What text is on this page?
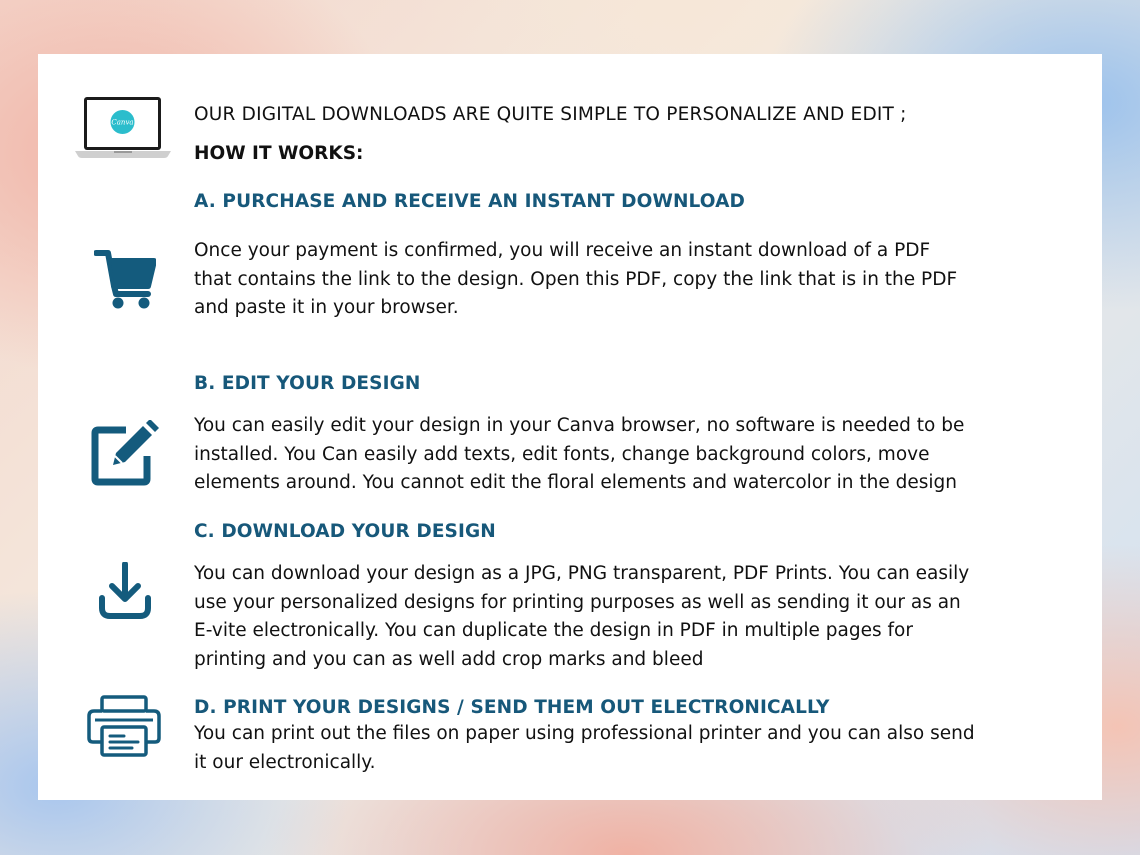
Canva	OUR DIGITAL DOWNLOADS ARE QUITE SIMPLE TO PERSONALIZE AND EDIT ;
HOW IT WORKS:
A. PURCHASE AND RECEIVE AN INSTANT DOWNLOAD
Once your payment is confirmed, you will receive an instant download of a PDF
that contains the link to the design. Open this PDF, copy the link that is in the PDF
and paste it in your browser.
B. EDIT YOUR DESIGN
You can easily edit your design in your Canva browser, no software is needed to be
installed. You Can easily add texts, edit fonts, change background colors, move
elements around. You cannot edit the floral elements and watercolor in the design
C. DOWNLOAD YOUR DESIGN
You can download your design as a JPG, PNG transparent, PDF Prints. You can easily
use your personalized designs for printing purposes as well as sending it our as an
E-vite electronically. You can duplicate the design in PDF in multiple pages for
printing and you can as well add crop marks and bleed
D. PRINT YOUR DESIGNS / SEND THEM OUT ELECTRONICALLY
You can print out the files on paper using professional printer and you can also send
it our electronically.
